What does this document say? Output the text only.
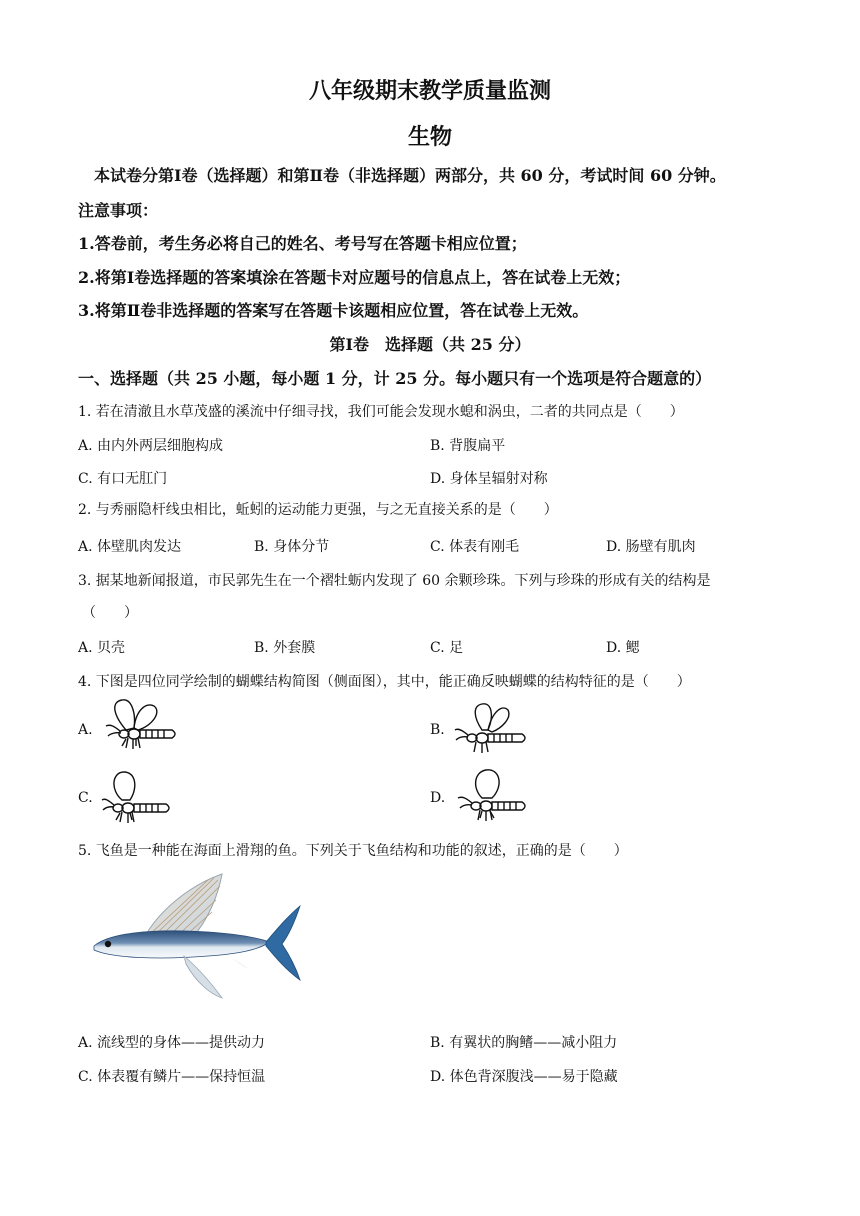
八年级期末教学质量监测
生物
本试卷分第Ⅰ卷（选择题）和第Ⅱ卷（非选择题）两部分，共 60 分，考试时间 60 分钟。
注意事项：
1.答卷前，考生务必将自己的姓名、考号写在答题卡相应位置；
2.将第Ⅰ卷选择题的答案填涂在答题卡对应题号的信息点上，答在试卷上无效；
3.将第Ⅱ卷非选择题的答案写在答题卡该题相应位置，答在试卷上无效。
第Ⅰ卷　选择题（共 25 分）
一、选择题（共 25 小题，每小题 1 分，计 25 分。每小题只有一个选项是符合题意的）
1. 若在清澈且水草茂盛的溪流中仔细寻找，我们可能会发现水螅和涡虫，二者的共同点是（　　）
A. 由内外两层细胞构成	B. 背腹扁平
C. 有口无肛门	D. 身体呈辐射对称
2. 与秀丽隐杆线虫相比，蚯蚓的运动能力更强，与之无直接关系的是（　　）
A. 体壁肌肉发达	B. 身体分节	C. 体表有刚毛	D. 肠壁有肌肉
3. 据某地新闻报道，市民郭先生在一个褶牡蛎内发现了 60 余颗珍珠。下列与珍珠的形成有关的结构是
（　　）
A. 贝壳	B. 外套膜	C. 足	D. 鳃
4. 下图是四位同学绘制的蝴蝶结构简图（侧面图），其中，能正确反映蝴蝶的结构特征的是（　　）
A.	B.
C.	D.
5. 飞鱼是一种能在海面上滑翔的鱼。下列关于飞鱼结构和功能的叙述，正确的是（　　）
A. 流线型的身体——提供动力	B. 有翼状的胸鳍——减小阻力
C. 体表覆有鳞片——保持恒温	D. 体色背深腹浅——易于隐藏
